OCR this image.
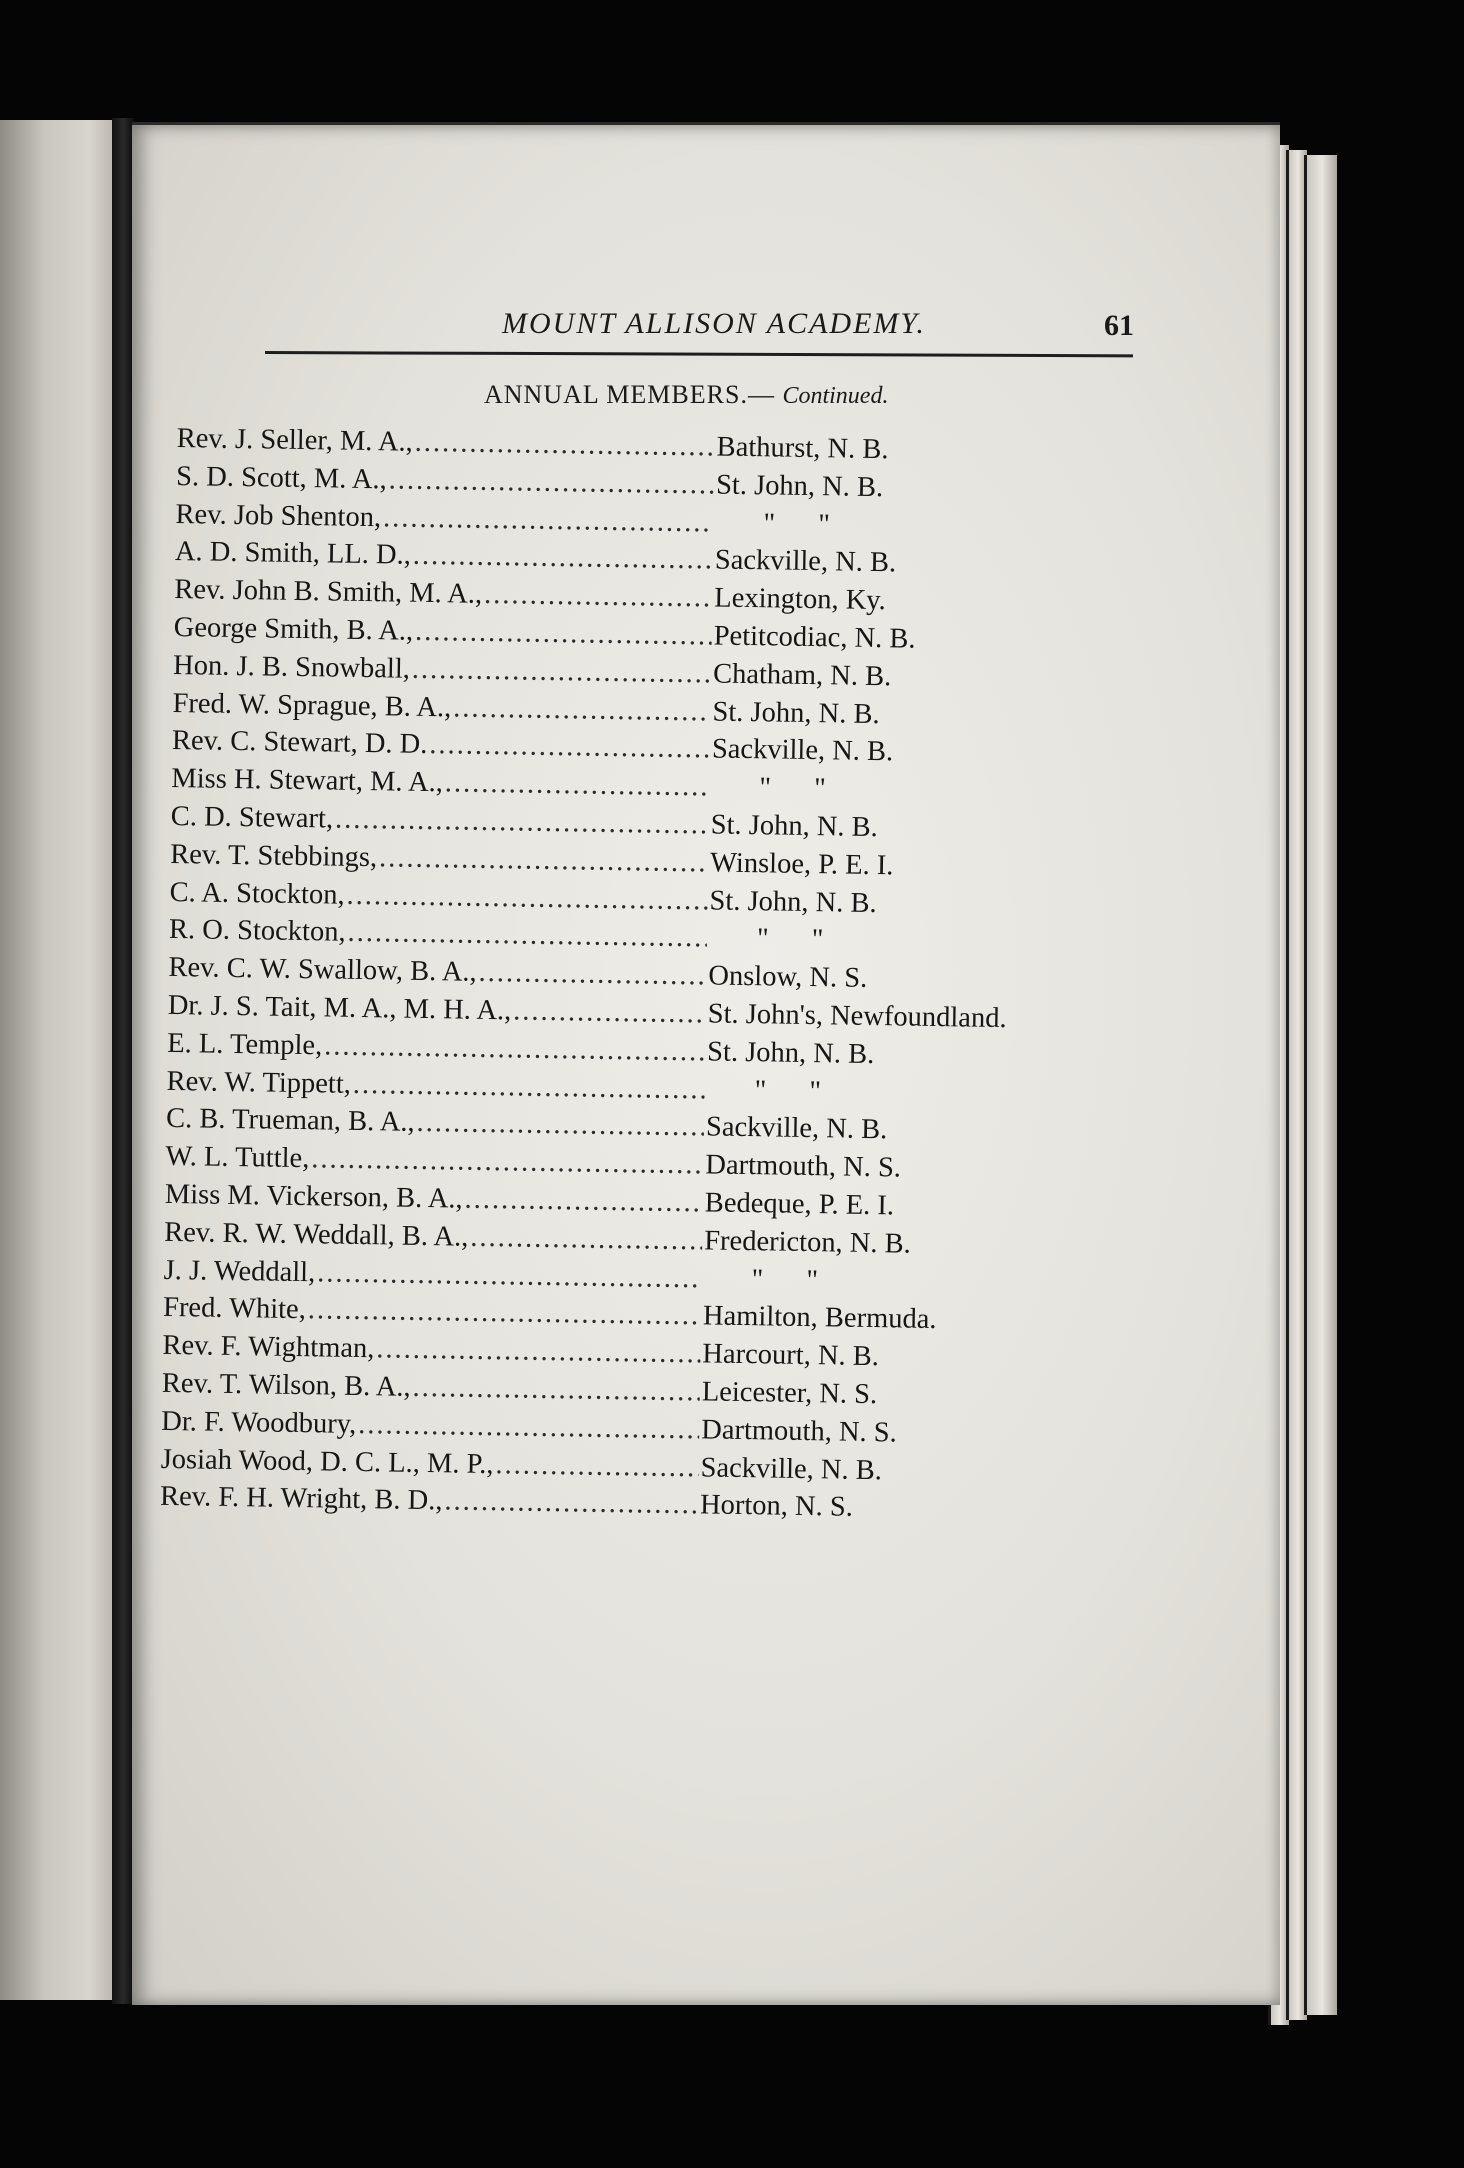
MOUNT ALLISON ACADEMY.	61
ANNUAL MEMBERS.— Continued.
Rev. J. Seller, M. A., .....	Bathurst, N. B.
S. D. Scott, M. A., .....	St. John, N. B.
Rev. Job Shenton, .....	" "
A. D. Smith, LL. D., .....	Sackville, N. B.
Rev. John B. Smith, M. A., .....	Lexington, Ky.
George Smith, B. A., .....	Petitcodiac, N. B.
Hon. J. B. Snowball, .....	Chatham, N. B.
Fred. W. Sprague, B. A., .....	St. John, N. B.
Rev. C. Stewart, D. D. .....	Sackville, N. B.
Miss H. Stewart, M. A., .....	" "
C. D. Stewart, .....	St. John, N. B.
Rev. T. Stebbings, .....	Winsloe, P. E. I.
C. A. Stockton, .....	St. John, N. B.
R. O. Stockton, .....	" "
Rev. C. W. Swallow, B. A., .....	Onslow, N. S.
Dr. J. S. Tait, M. A., M. H. A., .....	St. John's, Newfoundland.
E. L. Temple, .....	St. John, N. B.
Rev. W. Tippett, .....	" "
C. B. Trueman, B. A., .....	Sackville, N. B.
W. L. Tuttle, .....	Dartmouth, N. S.
Miss M. Vickerson, B. A., .....	Bedeque, P. E. I.
Rev. R. W. Weddall, B. A., .....	Fredericton, N. B.
J. J. Weddall, .....	" "
Fred. White, .....	Hamilton, Bermuda.
Rev. F. Wightman, .....	Harcourt, N. B.
Rev. T. Wilson, B. A., .....	Leicester, N. S.
Dr. F. Woodbury, .....	Dartmouth, N. S.
Josiah Wood, D. C. L., M. P., .....	Sackville, N. B.
Rev. F. H. Wright, B. D., .....	Horton, N. S.
